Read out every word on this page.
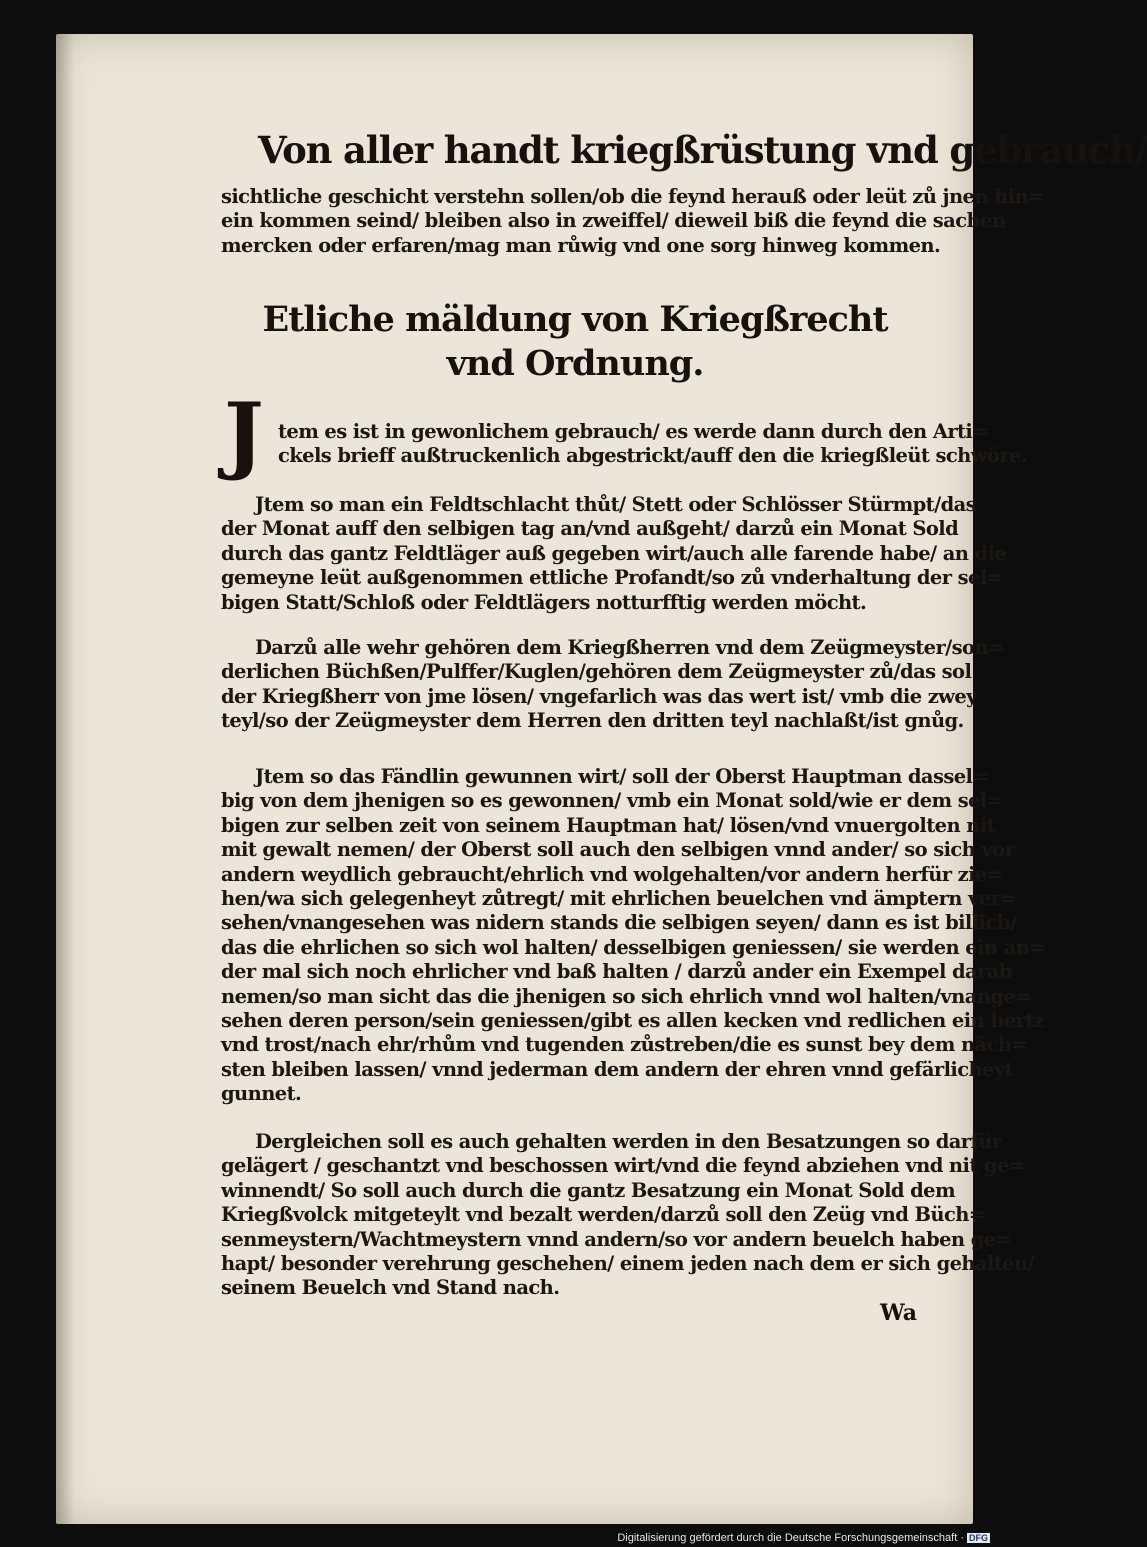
Von aller handt kriegßrüstung vnd gebrauch/
sichtliche geschicht verstehn sollen/ob die feynd herauß oder leüt zů jnen hin=
ein kommen seind/ bleiben also in zweiffel/ dieweil biß die feynd die sachen
mercken oder erfaren/mag man růwig vnd one sorg hinweg kommen.
Etliche mäldung von Kriegßrecht
vnd Ordnung.
J tem es ist in gewonlichem gebrauch/ es werde dann durch den Arti=
ckels brieff außtruckenlich abgestrickt/auff den die kriegßleüt schwöre.
Jtem so man ein Feldtschlacht thůt/ Stett oder Schlösser Stürmpt/das
der Monat auff den selbigen tag an/vnd außgeht/ darzů ein Monat Sold
durch das gantz Feldtläger auß gegeben wirt/auch alle farende habe/ an die
gemeyne leüt außgenommen ettliche Profandt/so zů vnderhaltung der sel=
bigen Statt/Schloß oder Feldtlägers notturfftig werden möcht.
Darzů alle wehr gehören dem Kriegßherren vnd dem Zeügmeyster/son=
derlichen Büchßen/Pulffer/Kuglen/gehören dem Zeügmeyster zů/das sol
der Kriegßherr von jme lösen/ vngefarlich was das wert ist/ vmb die zwey
teyl/so der Zeügmeyster dem Herren den dritten teyl nachlaßt/ist gnůg.
Jtem so das Fändlin gewunnen wirt/ soll der Oberst Hauptman dassel=
big von dem jhenigen so es gewonnen/ vmb ein Monat sold/wie er dem sel=
bigen zur selben zeit von seinem Hauptman hat/ lösen/vnd vnuergolten nit
mit gewalt nemen/ der Oberst soll auch den selbigen vnnd ander/ so sich vor
andern weydlich gebraucht/ehrlich vnd wolgehalten/vor andern herfür zie=
hen/wa sich gelegenheyt zůtregt/ mit ehrlichen beuelchen vnd ämptern ver=
sehen/vnangesehen was nidern stands die selbigen seyen/ dann es ist billich/
das die ehrlichen so sich wol halten/ desselbigen geniessen/ sie werden ein an=
der mal sich noch ehrlicher vnd baß halten / darzů ander ein Exempel darab
nemen/so man sicht das die jhenigen so sich ehrlich vnnd wol halten/vnange=
sehen deren person/sein geniessen/gibt es allen kecken vnd redlichen ein hertz
vnd trost/nach ehr/rhům vnd tugenden zůstreben/die es sunst bey dem näch=
sten bleiben lassen/ vnnd jederman dem andern der ehren vnnd gefärlicheyt
gunnet.
Dergleichen soll es auch gehalten werden in den Besatzungen so darfür
gelägert / geschantzt vnd beschossen wirt/vnd die feynd abziehen vnd nit ge=
winnendt/ So soll auch durch die gantz Besatzung ein Monat Sold dem
Kriegßvolck mitgeteylt vnd bezalt werden/darzů soll den Zeüg vnd Büch=
senmeystern/Wachtmeystern vnnd andern/so vor andern beuelch haben ge=
hapt/ besonder verehrung geschehen/ einem jeden nach dem er sich gehalten/
seinem Beuelch vnd Stand nach.
Wa
Digitalisierung gefördert durch die Deutsche Forschungsgemeinschaft · DFG
